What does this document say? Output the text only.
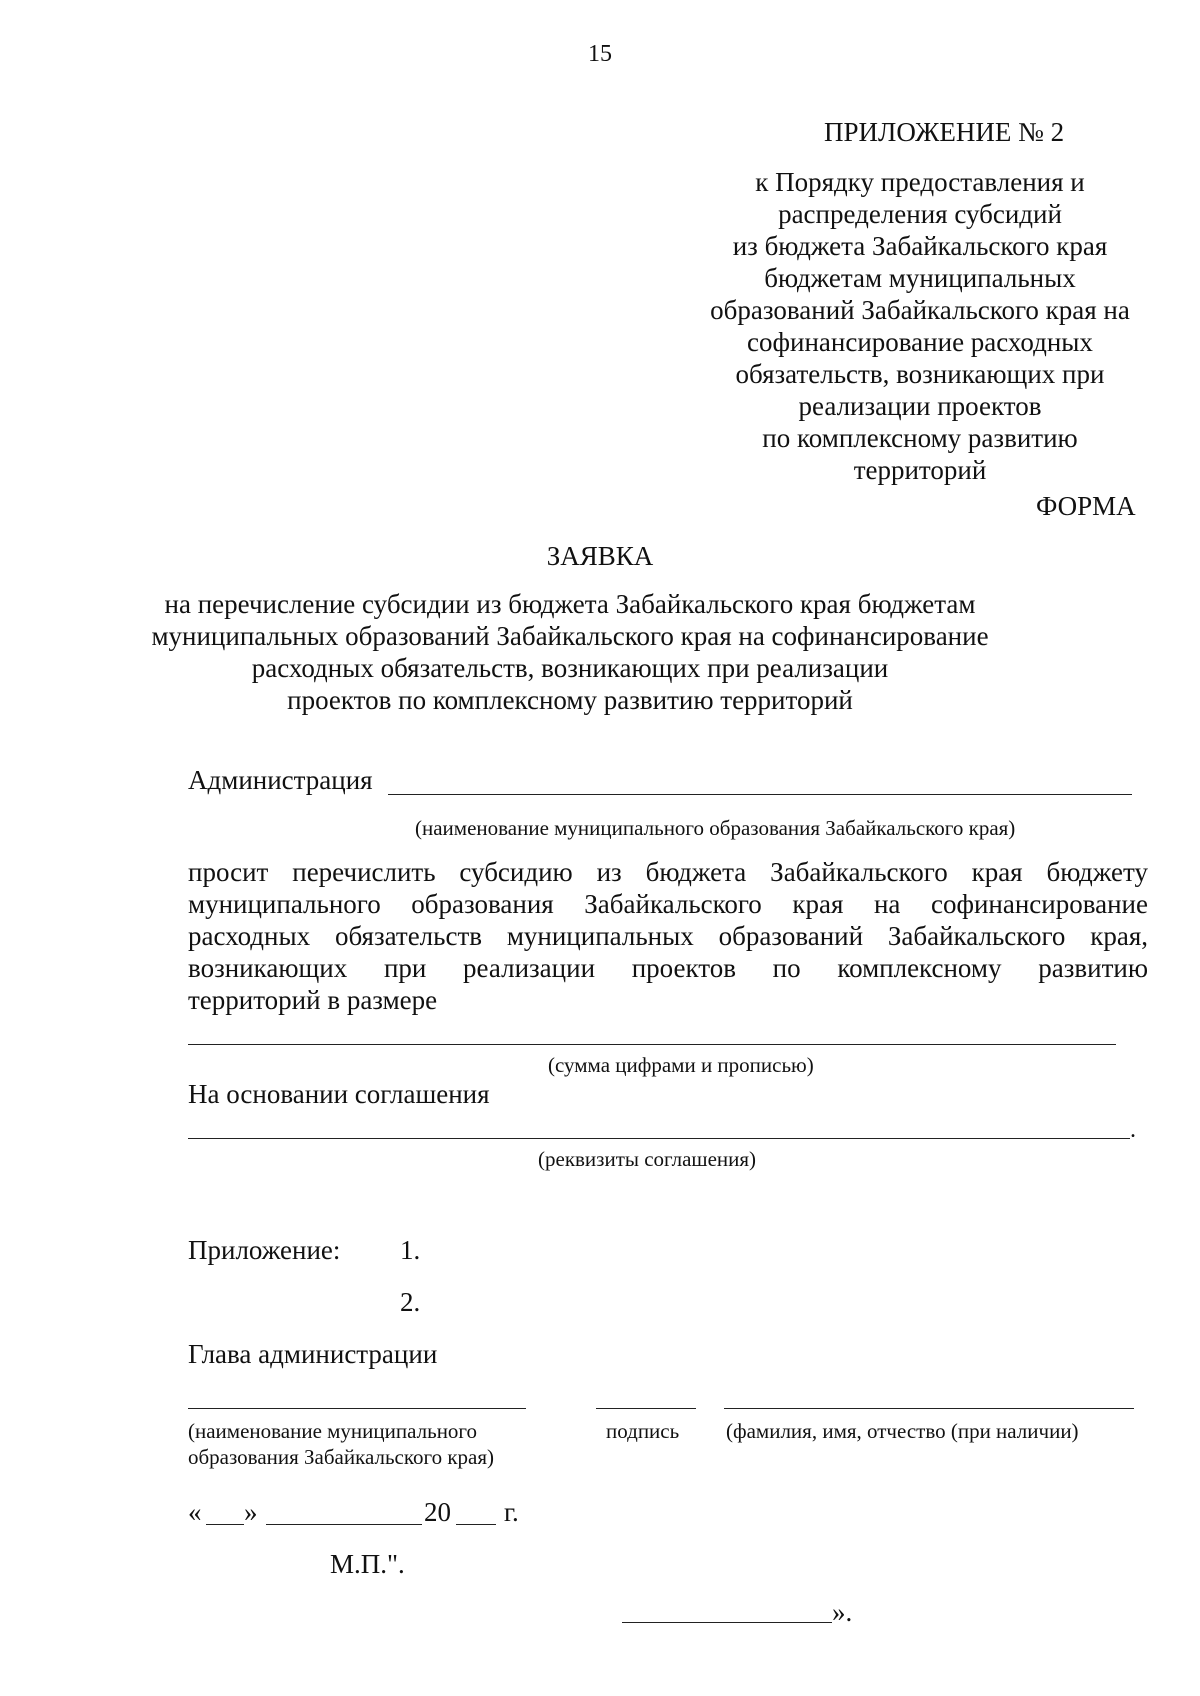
15
ПРИЛОЖЕНИЕ № 2
к Порядку предоставления и
распределения субсидий
из бюджета Забайкальского края
бюджетам муниципальных
образований Забайкальского края на
софинансирование расходных
обязательств, возникающих при
реализации проектов
по комплексному развитию
территорий
ФОРМА
ЗАЯВКА
на перечисление субсидии из бюджета Забайкальского края бюджетам
муниципальных образований Забайкальского края на софинансирование
расходных обязательств, возникающих при реализации
проектов по комплексному развитию территорий
Администрация
(наименование муниципального образования Забайкальского края)
просит перечислить субсидию из бюджета Забайкальского края бюджету
муниципального образования Забайкальского края на софинансирование
расходных обязательств муниципальных образований Забайкальского края,
возникающих при реализации проектов по комплексному развитию
территорий в размере
(сумма цифрами и прописью)
На основании соглашения
.
(реквизиты соглашения)
Приложение: 1.
2.
Глава администрации
(наименование муниципального
образования Забайкальского края)
подпись (фамилия, имя, отчество (при наличии)
« »	20 г.
М.П.".
».
